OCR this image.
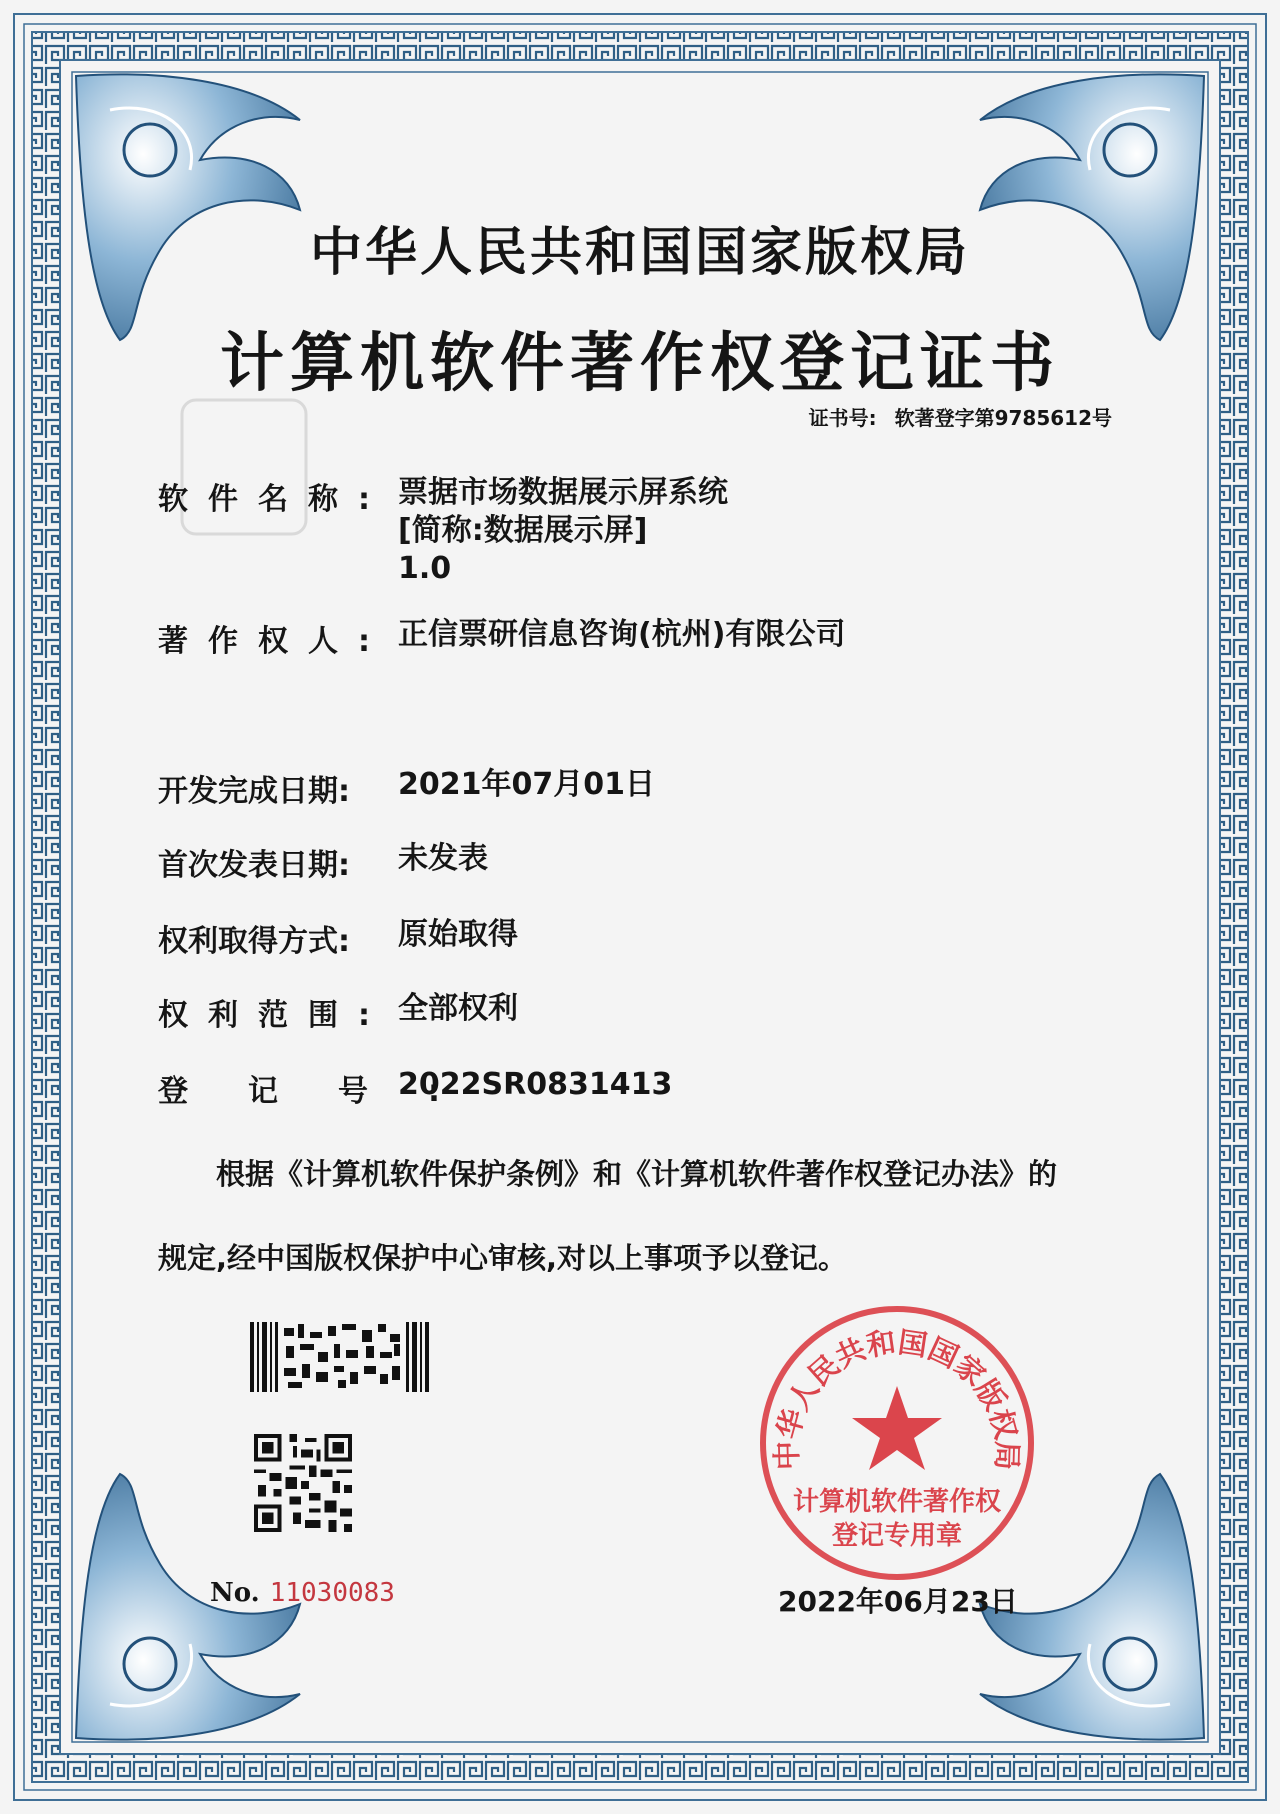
中华人民共和国国家版权局
计算机软件著作权登记证书
证书号: 软著登字第9785612号
软件名称: 票据市场数据展示屏系统
[简称:数据展示屏]
1.0
著作权人: 正信票研信息咨询(杭州)有限公司
开发完成日期:	2021年07月01日
首次发表日期:	未发表
权利取得方式:	原始取得
权利范围: 全部权利
登记号:
2022SR0831413
根据《计算机软件保护条例》和《计算机软件著作权登记办法》的
规定,经中国版权保护中心审核,对以上事项予以登记。
No. 11030083
中华人民共和国国家版权局
计算机软件著作权
登记专用章
2022年06月23日
